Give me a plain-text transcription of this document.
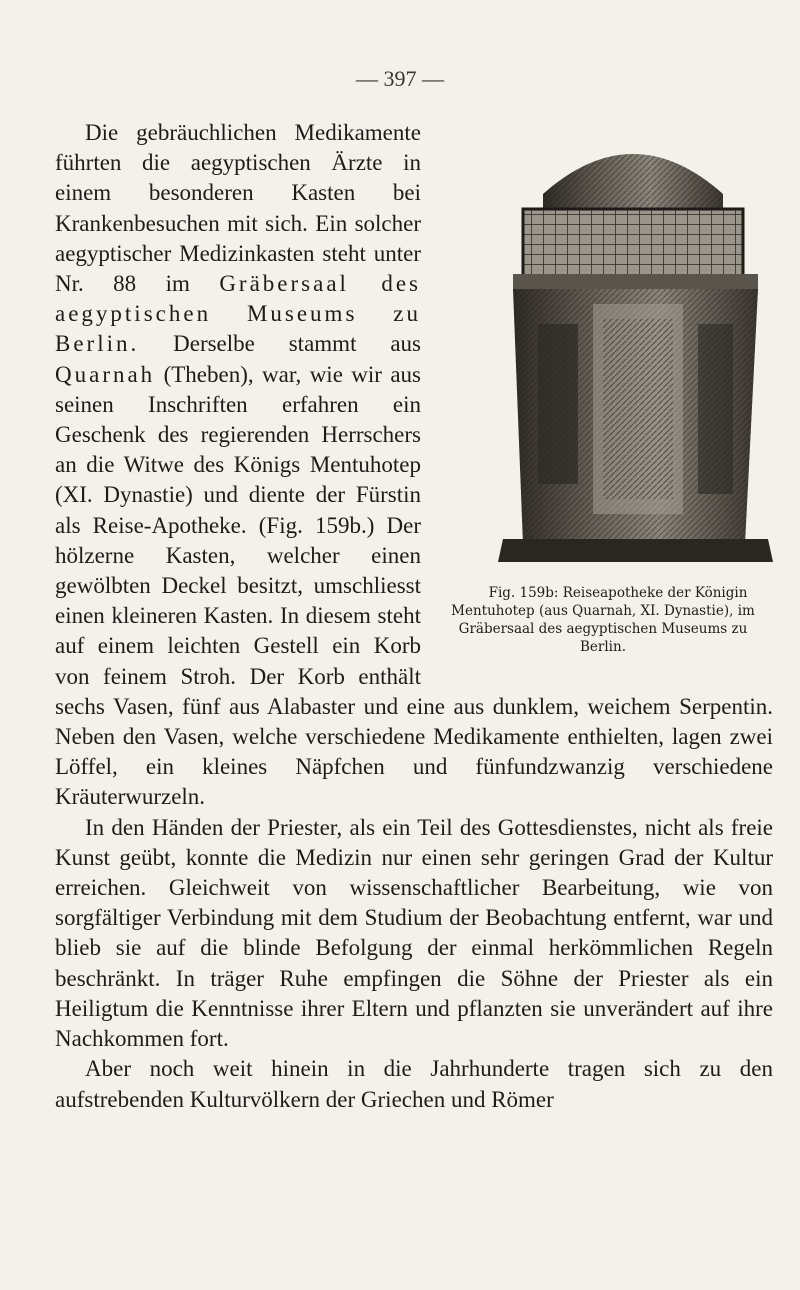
— 397 —

Fig. 159b: Reiseapotheke der Königin Mentuhotep (aus Quarnah, XI. Dynastie), im Gräbersaal des aegyptischen Museums zu Berlin.
Die gebräuchlichen Medikamente führten die aegyptischen Ärzte in einem besonderen Kasten bei Krankenbesuchen mit sich. Ein solcher aegyptischer Medizinkasten steht unter Nr. 88 im Gräbersaal des aegyptischen Museums zu Berlin. Derselbe stammt aus Quarnah (Theben), war, wie wir aus seinen Inschriften erfahren ein Geschenk des regierenden Herrschers an die Witwe des Königs Mentuhotep (XI. Dynastie) und diente der Fürstin als Reise-Apotheke. (Fig. 159b.) Der hölzerne Kasten, welcher einen gewölbten Deckel besitzt, umschliesst einen kleineren Kasten. In diesem steht auf einem leichten Gestell ein Korb von feinem Stroh. Der Korb enthält sechs Vasen, fünf aus Alabaster und eine aus dunklem, weichem Serpentin. Neben den Vasen, welche verschiedene Medikamente enthielten, lagen zwei Löffel, ein kleines Näpfchen und fünfundzwanzig verschiedene Kräuterwurzeln.

In den Händen der Priester, als ein Teil des Gottesdienstes, nicht als freie Kunst geübt, konnte die Medizin nur einen sehr geringen Grad der Kultur erreichen. Gleichweit von wissenschaftlicher Bearbeitung, wie von sorgfältiger Verbindung mit dem Studium der Beobachtung entfernt, war und blieb sie auf die blinde Befolgung der einmal herkömmlichen Regeln beschränkt. In träger Ruhe empfingen die Söhne der Priester als ein Heiligtum die Kenntnisse ihrer Eltern und pflanzten sie unverändert auf ihre Nachkommen fort.

Aber noch weit hinein in die Jahrhunderte tragen sich zu den aufstrebenden Kulturvölkern der Griechen und Römer
